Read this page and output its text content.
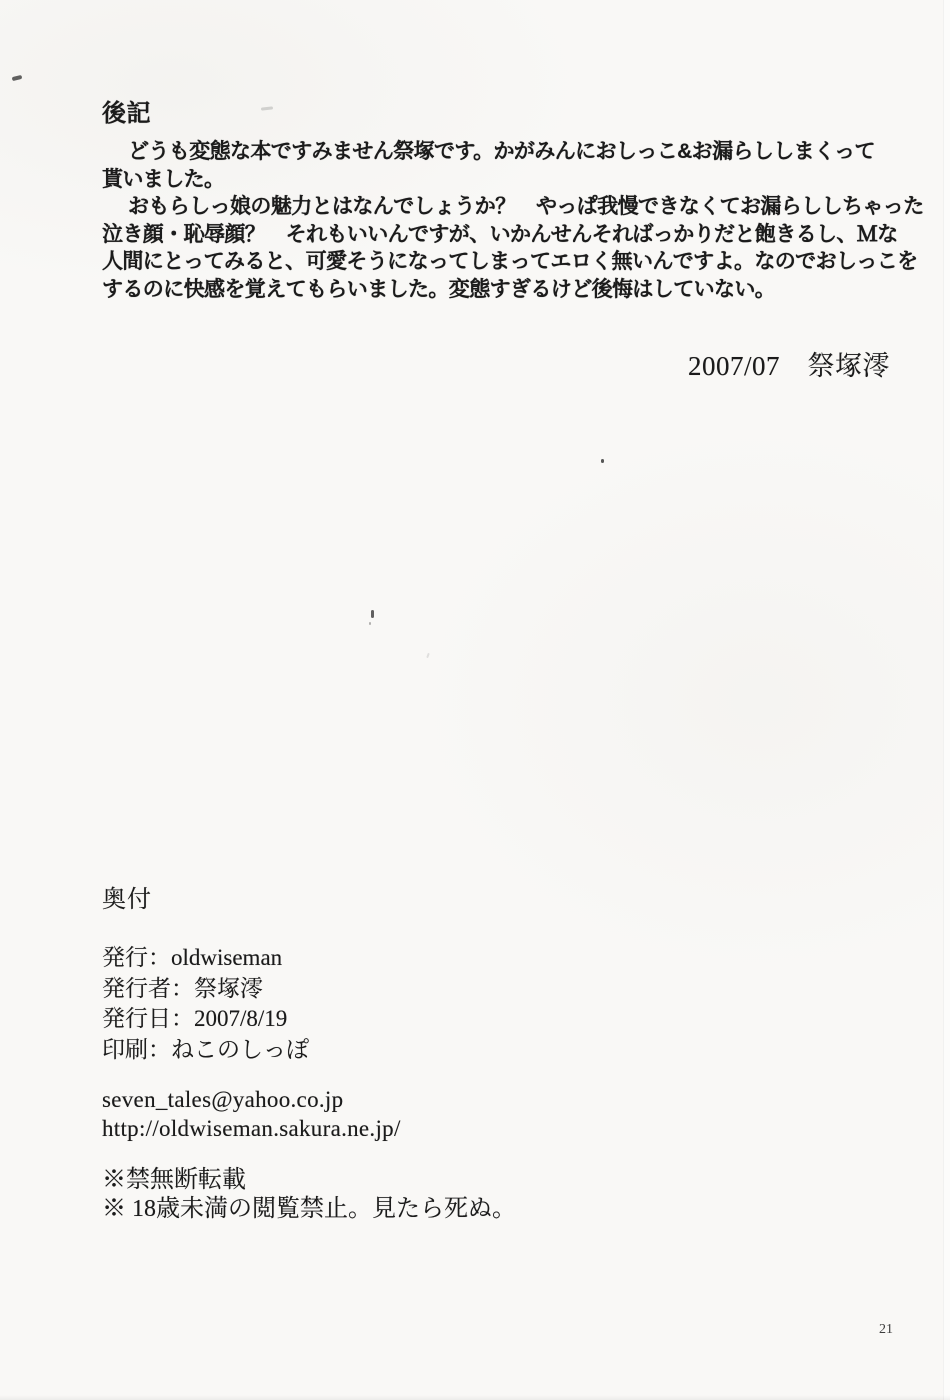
後記
どうも変態な本ですみません祭塚です。かがみんにおしっこ&お漏らししまくって
貰いました。
おもらしっ娘の魅力とはなんでしょうか？　やっぱ我慢できなくてお漏らししちゃった
泣き顔・恥辱顔？　それもいいんですが、いかんせんそればっかりだと飽きるし、Ｍな
人間にとってみると、可愛そうになってしまってエロく無いんですよ。なのでおしっこを
するのに快感を覚えてもらいました。変態すぎるけど後悔はしていない。
2007/07　祭塚澪
奥付
発行：oldwiseman
発行者：祭塚澪
発行日：2007/8/19
印刷：ねこのしっぽ
seven_tales@yahoo.co.jp
http://oldwiseman.sakura.ne.jp/
※禁無断転載
※ 18歳未満の閲覧禁止。見たら死ぬ。
21
